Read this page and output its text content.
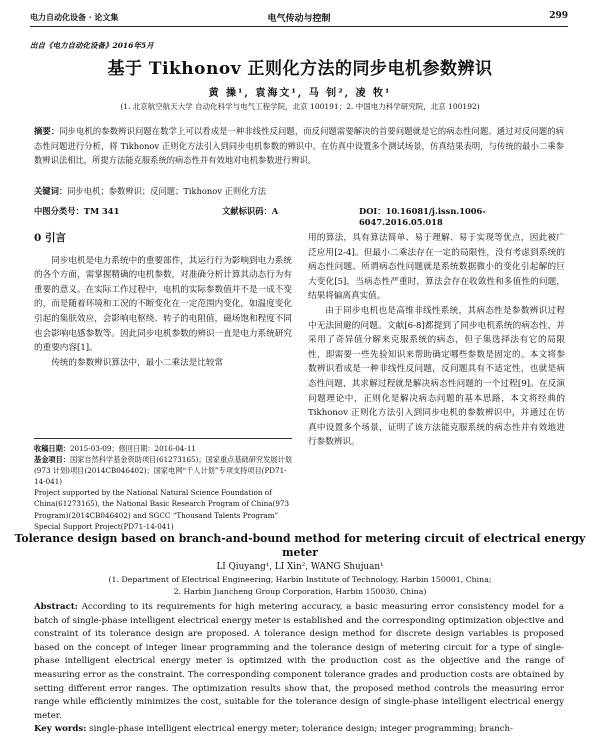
电力自动化设备 · 论文集	电气传动与控制	299
出自《电力自动化设备》2016年5月
基于 Tikhonov 正则化方法的同步电机参数辨识
黄 操¹, 袁海文¹, 马 钊², 凌 牧¹
(1. 北京航空航天大学 自动化科学与电气工程学院，北京 100191；2. 中国电力科学研究院，北京 100192)
摘要：同步电机的参数辨识问题在数学上可以看成是一种非线性反问题，而反问题需要解决的首要问题就是它的病态性问题。通过对反问题的病态性问题进行分析，将 Tikhonov 正则化方法引入到同步电机参数的辨识中。在仿真中设置多个测试场景，仿真结果表明，与传统的最小二乘参数辨识法相比，所提方法能克服系统的病态性并有效地对电机参数进行辨识。
关键词：同步电机；参数辨识；反问题；Tikhonov 正则化方法
中图分类号：TM 341	文献标识码：A	DOI：10.16081/j.issn.1006-6047.2016.05.018
0 引言

同步电机是电力系统中的重要部件，其运行行为影响到电力系统的各个方面，需掌握精确的电机参数，对准确分析计算其动态行为有重要的意义。在实际工作过程中，电机的实际参数值并不是一成不变的，而是随着环境和工况的不断变化在一定范围内变化，如温度变化引起的集肤效应，会影响电枢绕、转子的电阻值，磁场饱和程度不同也会影响电感参数等。因此同步电机参数的辨识一直是电力系统研究的重要内容[1]。

传统的参数辨识算法中，最小二乘法是比较常

收稿日期：2015-03-09；修回日期：2016-04-11
基金项目：国家自然科学基金资助项目(61273165)；国家重点基础研究发展计划(973 计划)项目(2014CB046402)；国家电网“千人计划”专项支持项目(PD71-14-041)
Project supported by the National Natural Science Foundation of China(61273165), the National Basic Research Program of China(973 Program)(2014CB046402) and SGCC “Thousand Talents Program” Special Support Project(PD71-14-041)

用的算法，具有算法简单、易于理解、易于实现等优点，因此被广泛应用[2-4]。但最小二乘法存在一定的局限性，没有考虑到系统的病态性问题。所谓病态性问题就是系统数据微小的变化引起解的巨大变化[5]，当病态性严重时，算法会存在收敛性和多值性的问题，结果将偏离真实值。

由于同步电机也是高维非线性系统，其病态性是参数辨识过程中无法回避的问题。文献[6-8]都提到了同步电机系统的病态性，并采用了奇异值分解来克服系统的病态，但子集选择法有它的局限性，即需要一些先验知识来帮助确定哪些参数是固定的。本文将参数辨识看成是一种非线性反问题，反问题具有不适定性，也就是病态性问题，其求解过程就是解决病态性问题的一个过程[9]。在反演问题理论中，正则化是解决病态问题的基本思路，本文将经典的 Tikhonov 正则化方法引入到同步电机的参数辨识中，并通过在仿真中设置多个场景，证明了该方法能克服系统的病态性并有效地进行参数辨识。

Tolerance design based on branch-and-bound method for metering circuit of electrical energy meter
LI Qiuyang¹, LI Xin², WANG Shujuan¹
(1. Department of Electrical Engineering, Harbin Institute of Technology, Harbin 150001, China;
2. Harbin Jiancheng Group Corporation, Harbin 150030, China)
Abstract: According to its requirements for high metering accuracy, a basic measuring error consistency model for a batch of single-phase intelligent electrical energy meter is established and the corresponding optimization objective and constraint of its tolerance design are proposed. A tolerance design method for discrete design variables is proposed based on the concept of integer linear programming and the tolerance design of metering circuit for a type of single-phase intelligent electrical energy meter is optimized with the production cost as the objective and the range of measuring error as the constraint. The corresponding component tolerance grades and production costs are obtained by setting different error ranges. The optimization results show that, the proposed method controls the measuring error range while efficiently minimizes the cost, suitable for the tolerance design of single-phase intelligent electrical energy meter.
Key words: single-phase intelligent electrical energy meter; tolerance design; integer programming; branch-
